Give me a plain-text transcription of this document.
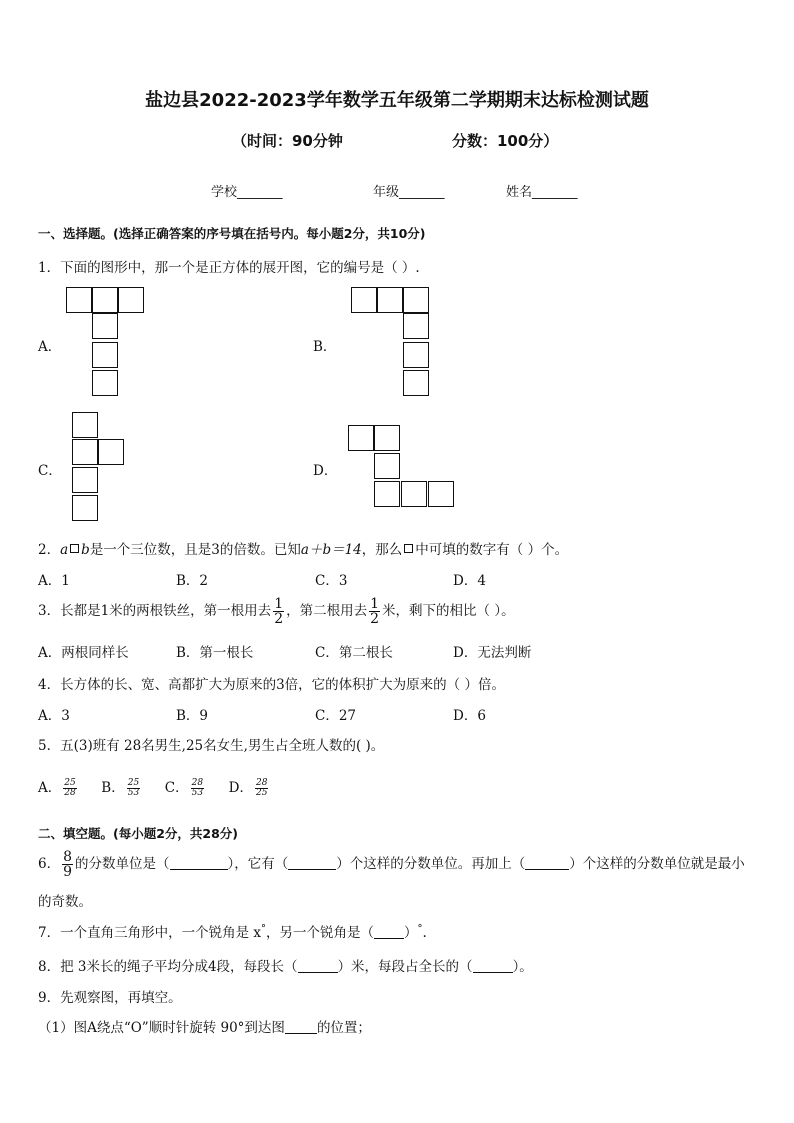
盐边县2022-2023学年数学五年级第二学期期末达标检测试题
（时间：90分钟	分数：100分）
学校_______	年级_______	姓名_______
一、选择题。(选择正确答案的序号填在括号内。每小题2分，共10分)
1．下面的图形中，那一个是正方体的展开图，它的编号是（ ）.
A．	B．
C．	D．
2．a b是一个三位数，且是3的倍数。已知a＋b＝14，那么 中可填的数字有（ ）个。
A．1	B．2	C．3	D．4
3．长都是1米的两根铁丝，第一根用去 $\frac{1}{2}$ ，第二根用去 $\frac{1}{2}$ 米，剩下的相比（ ）。
A．两根同样长	B．第一根长	C．第二根长	D．无法判断
4．长方体的长、宽、高都扩大为原来的3倍，它的体积扩大为原来的（ ）倍。
A．3	B．9	C．27	D．6
5．五(3)班有 28名男生,25名女生,男生占全班人数的( )。
A． $\frac{25}{28}$ B． $\frac{25}{53}$ C． $\frac{28}{53}$ D． $\frac{28}{25}$
二、填空题。(每小题2分，共28分)
6． $\frac{8}{9}$ 的分数单位是（	），它有（	）个这样的分数单位。再加上（	）个这样的分数单位就是最小
的奇数。
7．一个直角三角形中，一个锐角是 x°，另一个锐角是（ ）°.
8．把 3米长的绳子平均分成4段，每段长（	）米，每段占全长的（	）。
9．先观察图，再填空。
（1）图A绕点“O”顺时针旋转 90°到达图 的位置；
